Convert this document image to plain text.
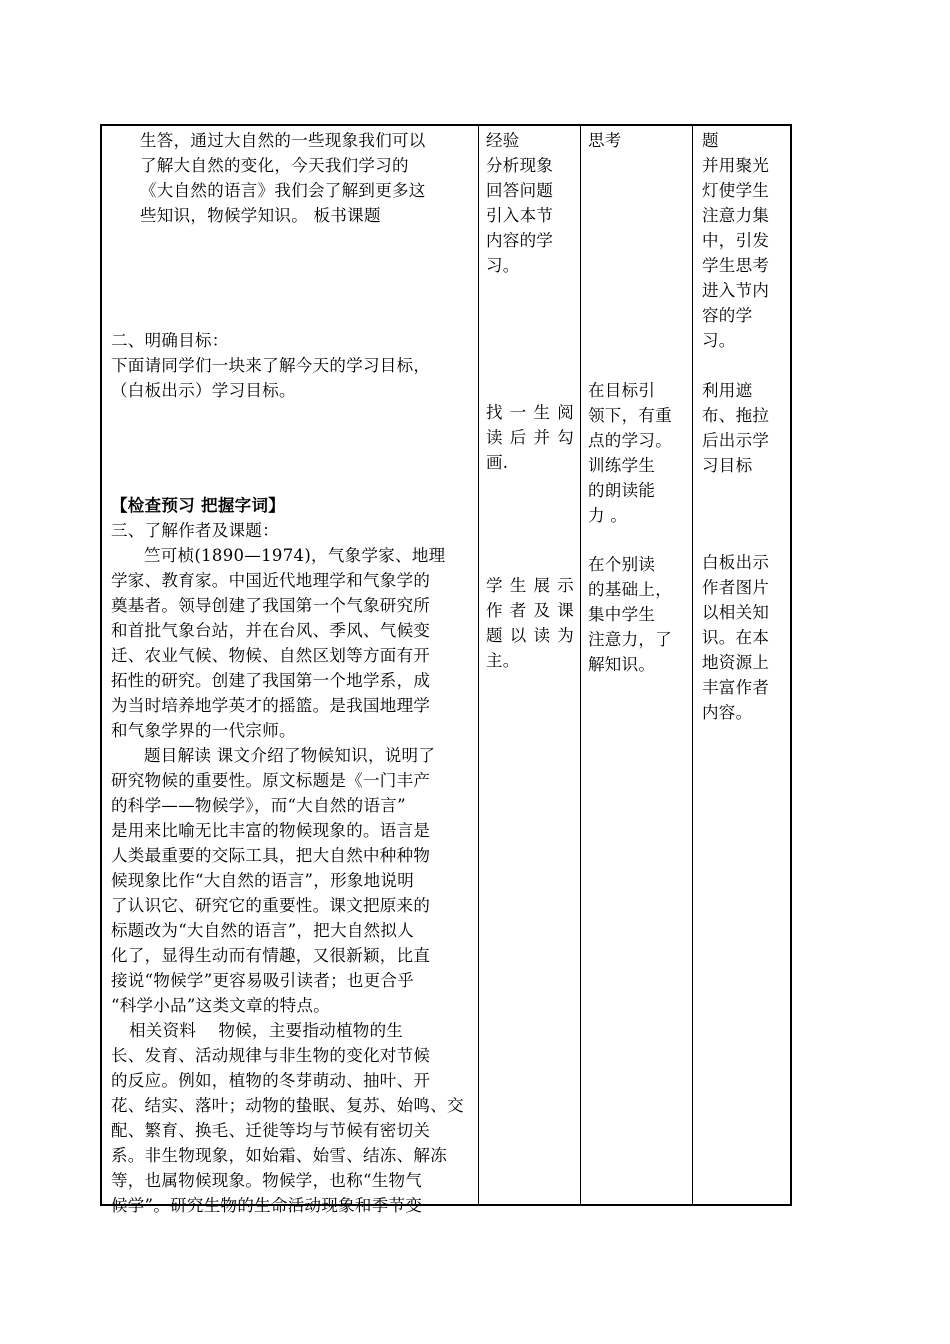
生答，通过大自然的一些现象我们可以

了解大自然的变化，今天我们学习的

《大自然的语言》我们会了解到更多这

些知识，物候学知识。 板书课题

二、明确目标：

下面请同学们一块来了解今天的学习目标，

（白板出示）学习目标。

【检查预习 把握字词】

三、了解作者及课题：

竺可桢(1890—1974)，气象学家、地理

学家、教育家。中国近代地理学和气象学的

奠基者。领导创建了我国第一个气象研究所

和首批气象台站，并在台风、季风、气候变

迁、农业气候、物候、自然区划等方面有开

拓性的研究。创建了我国第一个地学系，成

为当时培养地学英才的摇篮。是我国地理学

和气象学界的一代宗师。

题目解读 课文介绍了物候知识，说明了

研究物候的重要性。原文标题是《一门丰产

的科学——物候学》，而“大自然的语言”

是用来比喻无比丰富的物候现象的。语言是

人类最重要的交际工具，把大自然中种种物

候现象比作“大自然的语言”，形象地说明

了认识它、研究它的重要性。课文把原来的

标题改为“大自然的语言”，把大自然拟人

化了，显得生动而有情趣，又很新颖，比直

接说“物候学”更容易吸引读者；也更合乎

“科学小品”这类文章的特点。

相关资料    物候，主要指动植物的生

长、发育、活动规律与非生物的变化对节候

的反应。例如，植物的冬芽萌动、抽叶、开

花、结实、落叶；动物的蛰眠、复苏、始鸣、交

配、繁育、换毛、迁徙等均与节候有密切关

系。非生物现象，如始霜、始雪、结冻、解冻

等，也属物候现象。物候学，也称“生物气

候学”。研究生物的生命活动现象和季节变

经验

分析现象

回答问题

引入本节

内容的学

习。

找一生阅

读后并勾

画.

学生展示

作者及课

题以读为

主。

思考

在目标引

领下，有重

点的学习。

训练学生

的朗读能

力 。

在个别读

的基础上，

集中学生

注意力，了

解知识。

题

并用聚光

灯使学生

注意力集

中，引发

学生思考

进入节内

容的学

习。

利用遮

布、拖拉

后出示学

习目标

白板出示

作者图片

以相关知

识。在本

地资源上

丰富作者

内容。
